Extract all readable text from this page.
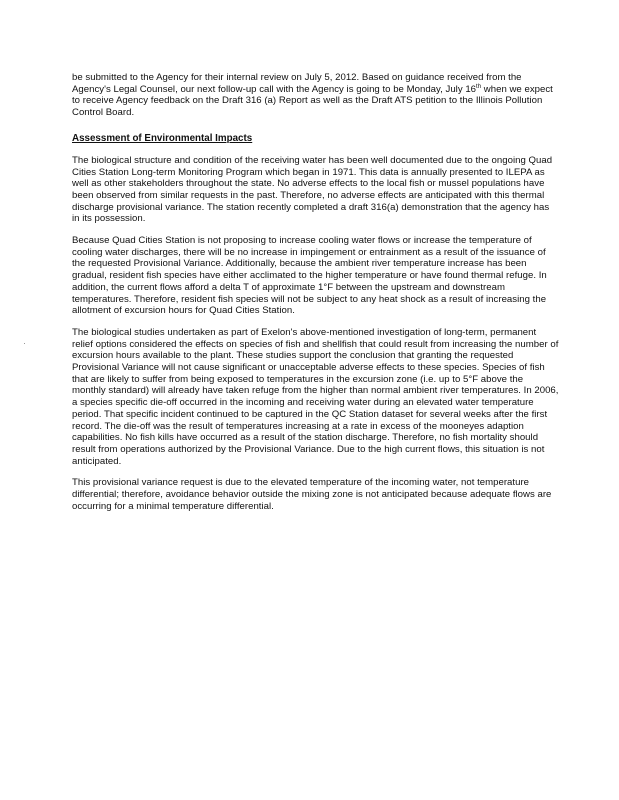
be submitted to the Agency for their internal review on July 5, 2012. Based on guidance received from the Agency's Legal Counsel, our next follow-up call with the Agency is going to be Monday, July 16th when we expect to receive Agency feedback on the Draft 316 (a) Report as well as the Draft ATS petition to the Illinois Pollution Control Board.

Assessment of Environmental Impacts

The biological structure and condition of the receiving water has been well documented due to the ongoing Quad Cities Station Long-term Monitoring Program which began in 1971. This data is annually presented to ILEPA as well as other stakeholders throughout the state. No adverse effects to the local fish or mussel populations have been observed from similar requests in the past. Therefore, no adverse effects are anticipated with this thermal discharge provisional variance. The station recently completed a draft 316(a) demonstration that the agency has in its possession.

Because Quad Cities Station is not proposing to increase cooling water flows or increase the temperature of cooling water discharges, there will be no increase in impingement or entrainment as a result of the issuance of the requested Provisional Variance. Additionally, because the ambient river temperature increase has been gradual, resident fish species have either acclimated to the higher temperature or have found thermal refuge. In addition, the current flows afford a delta T of approximate 1°F between the upstream and downstream temperatures. Therefore, resident fish species will not be subject to any heat shock as a result of increasing the allotment of excursion hours for Quad Cities Station.

The biological studies undertaken as part of Exelon's above-mentioned investigation of long-term, permanent relief options considered the effects on species of fish and shellfish that could result from increasing the number of excursion hours available to the plant. These studies support the conclusion that granting the requested Provisional Variance will not cause significant or unacceptable adverse effects to these species. Species of fish that are likely to suffer from being exposed to temperatures in the excursion zone (i.e. up to 5°F above the monthly standard) will already have taken refuge from the higher than normal ambient river temperatures. In 2006, a species specific die-off occurred in the incoming and receiving water during an elevated water temperature period. That specific incident continued to be captured in the QC Station dataset for several weeks after the first record. The die-off was the result of temperatures increasing at a rate in excess of the mooneyes adaption capabilities. No fish kills have occurred as a result of the station discharge. Therefore, no fish mortality should result from operations authorized by the Provisional Variance. Due to the high current flows, this situation is not anticipated.

This provisional variance request is due to the elevated temperature of the incoming water, not temperature differential; therefore, avoidance behavior outside the mixing zone is not anticipated because adequate flows are occurring for a minimal temperature differential.
